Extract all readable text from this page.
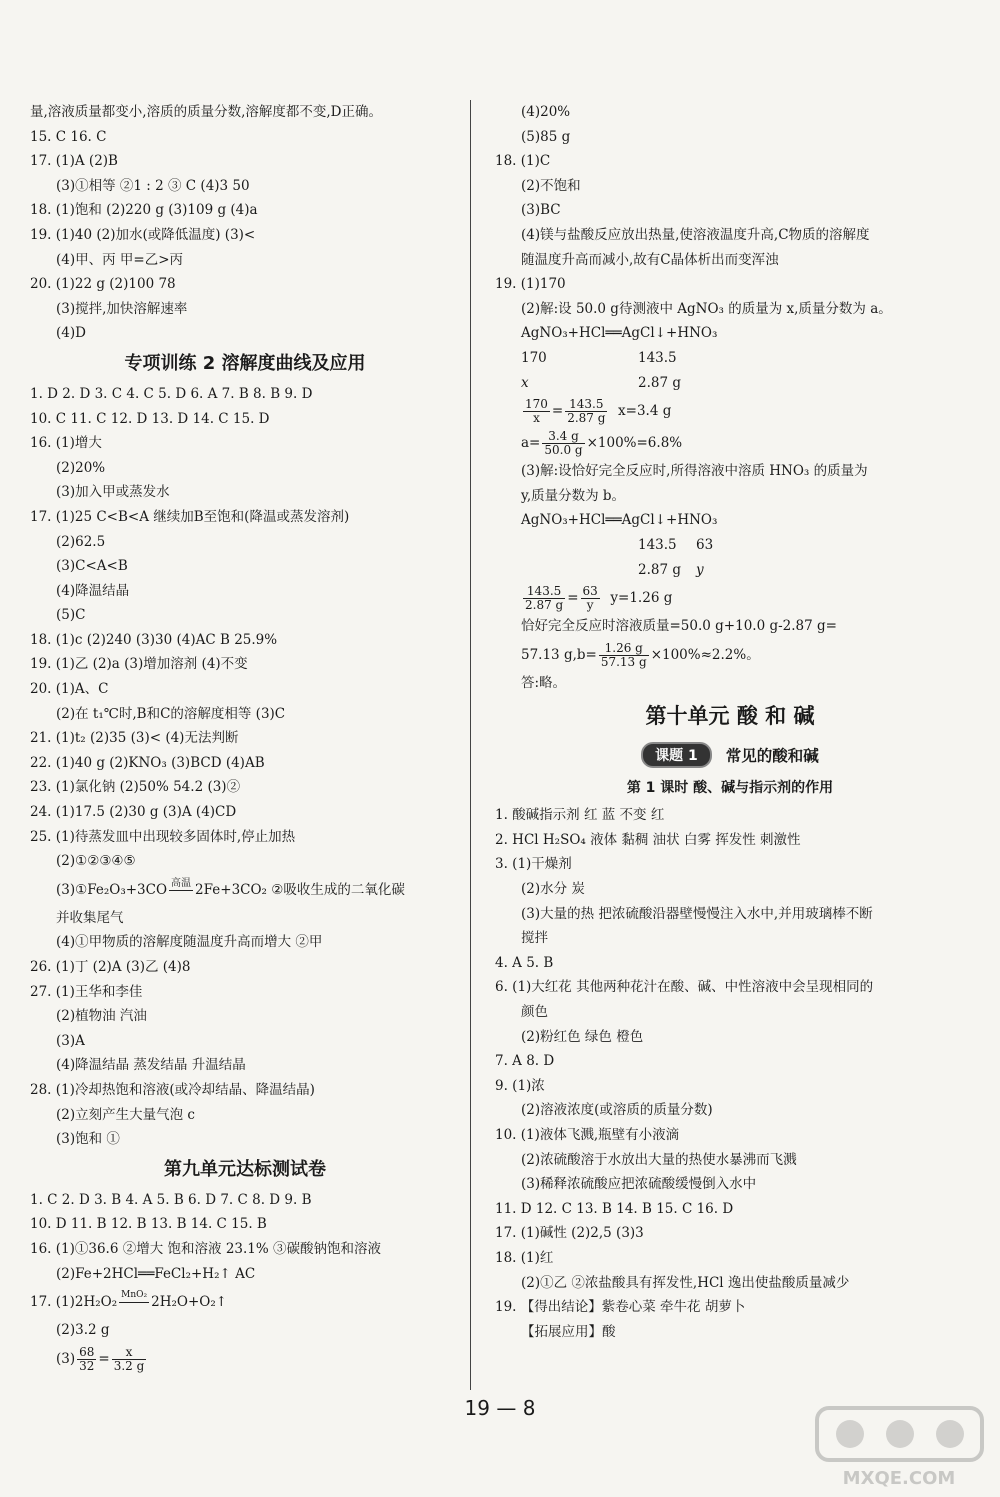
量,溶液质量都变小,溶质的质量分数,溶解度都不变,D正确。
15. C 16. C
17. (1)A (2)B
(3)①相等 ②1 : 2 ③ C (4)3 50
18. (1)饱和 (2)220 g (3)109 g (4)a
19. (1)40 (2)加水(或降低温度) (3)<
(4)甲、丙 甲=乙>丙
20. (1)22 g (2)100 78
(3)搅拌,加快溶解速率
(4)D
专项训练 2 溶解度曲线及应用
1. D 2. D 3. C 4. C 5. D 6. A 7. B 8. B 9. D
10. C 11. C 12. D 13. D 14. C 15. D
16. (1)增大
(2)20%
(3)加入甲或蒸发水
17. (1)25 C<B<A 继续加B至饱和(降温或蒸发溶剂)
(2)62.5
(3)C<A<B
(4)降温结晶
(5)C
18. (1)c (2)240 (3)30 (4)AC B 25.9%
19. (1)乙 (2)a (3)增加溶剂 (4)不变
20. (1)A、C
(2)在 t₁℃时,B和C的溶解度相等 (3)C
21. (1)t₂ (2)35 (3)< (4)无法判断
22. (1)40 g (2)KNO₃ (3)BCD (4)AB
23. (1)氯化钠 (2)50% 54.2 (3)②
24. (1)17.5 (2)30 g (3)A (4)CD
25. (1)待蒸发皿中出现较多固体时,停止加热
(2)①②③④⑤
(3)①Fe₂O₃+3CO 高温
2Fe+3CO₂ ②吸收生成的二氧化碳
并收集尾气
(4)①甲物质的溶解度随温度升高而增大 ②甲
26. (1)丁 (2)A (3)乙 (4)8
27. (1)王华和李佳
(2)植物油 汽油
(3)A
(4)降温结晶 蒸发结晶 升温结晶
28. (1)冷却热饱和溶液(或冷却结晶、降温结晶)
(2)立刻产生大量气泡 c
(3)饱和 ①
第九单元达标测试卷
1. C 2. D 3. B 4. A 5. B 6. D 7. C 8. D 9. B
10. D 11. B 12. B 13. B 14. C 15. B
16. (1)①36.6 ②增大 饱和溶液 23.1% ③碳酸钠饱和溶液
(2)Fe+2HCl══FeCl₂+H₂↑ AC
17. (1)2H₂O₂ MnO₂
2H₂O+O₂↑
(2)3.2 g
$(3) \frac{68}{32} = \frac{x}{3.2 g}$
(4)20%
(5)85 g
18. (1)C
(2)不饱和
(3)BC
(4)镁与盐酸反应放出热量,使溶液温度升高,C物质的溶解度
随温度升高而减小,故有C晶体析出而变浑浊
19. (1)170
(2)解:设 50.0 g待测液中 AgNO₃ 的质量为 x,质量分数为 a。
AgNO₃+HCl══AgCl↓+HNO₃
170	143.5
x	2.87 g
$\frac{170}{x} = \frac{143.5}{2.87 g} x=3.4$ g
$a= \frac{3.4 g}{50.0 g} \times 100\%=6.8\%$
(3)解:设恰好完全反应时,所得溶液中溶质 HNO₃ 的质量为
y,质量分数为 b。
AgNO₃+HCl══AgCl↓+HNO₃
143.5 63
2.87 g y
$\frac{143.5}{2.87 g} = \frac{63}{y} y=1.26$ g
恰好完全反应时溶液质量=50.0 g+10.0 g-2.87 g=
57.13 $g,b= \frac{1.26 g}{57.13 g} \times 100\%\approx 2.2\%$。
答:略。
第十单元 酸 和 碱
课题 1	常见的酸和碱
第 1 课时 酸、碱与指示剂的作用
1. 酸碱指示剂 红 蓝 不变 红
2. HCl H₂SO₄ 液体 黏稠 油状 白雾 挥发性 刺激性
3. (1)干燥剂
(2)水分 炭
(3)大量的热 把浓硫酸沿器壁慢慢注入水中,并用玻璃棒不断
搅拌
4. A 5. B
6. (1)大红花 其他两种花汁在酸、碱、中性溶液中会呈现相同的
颜色
(2)粉红色 绿色 橙色
7. A 8. D
9. (1)浓
(2)溶液浓度(或溶质的质量分数)
10. (1)液体飞溅,瓶壁有小液滴
(2)浓硫酸溶于水放出大量的热使水暴沸而飞溅
(3)稀释浓硫酸应把浓硫酸缓慢倒入水中
11. D 12. C 13. B 14. B 15. C 16. D
17. (1)碱性 (2)2,5 (3)3
18. (1)红
(2)①乙 ②浓盐酸具有挥发性,HCl 逸出使盐酸质量减少
19. 【得出结论】紫卷心菜 牵牛花 胡萝卜
【拓展应用】酸
19 — 8
MXQE.COM
